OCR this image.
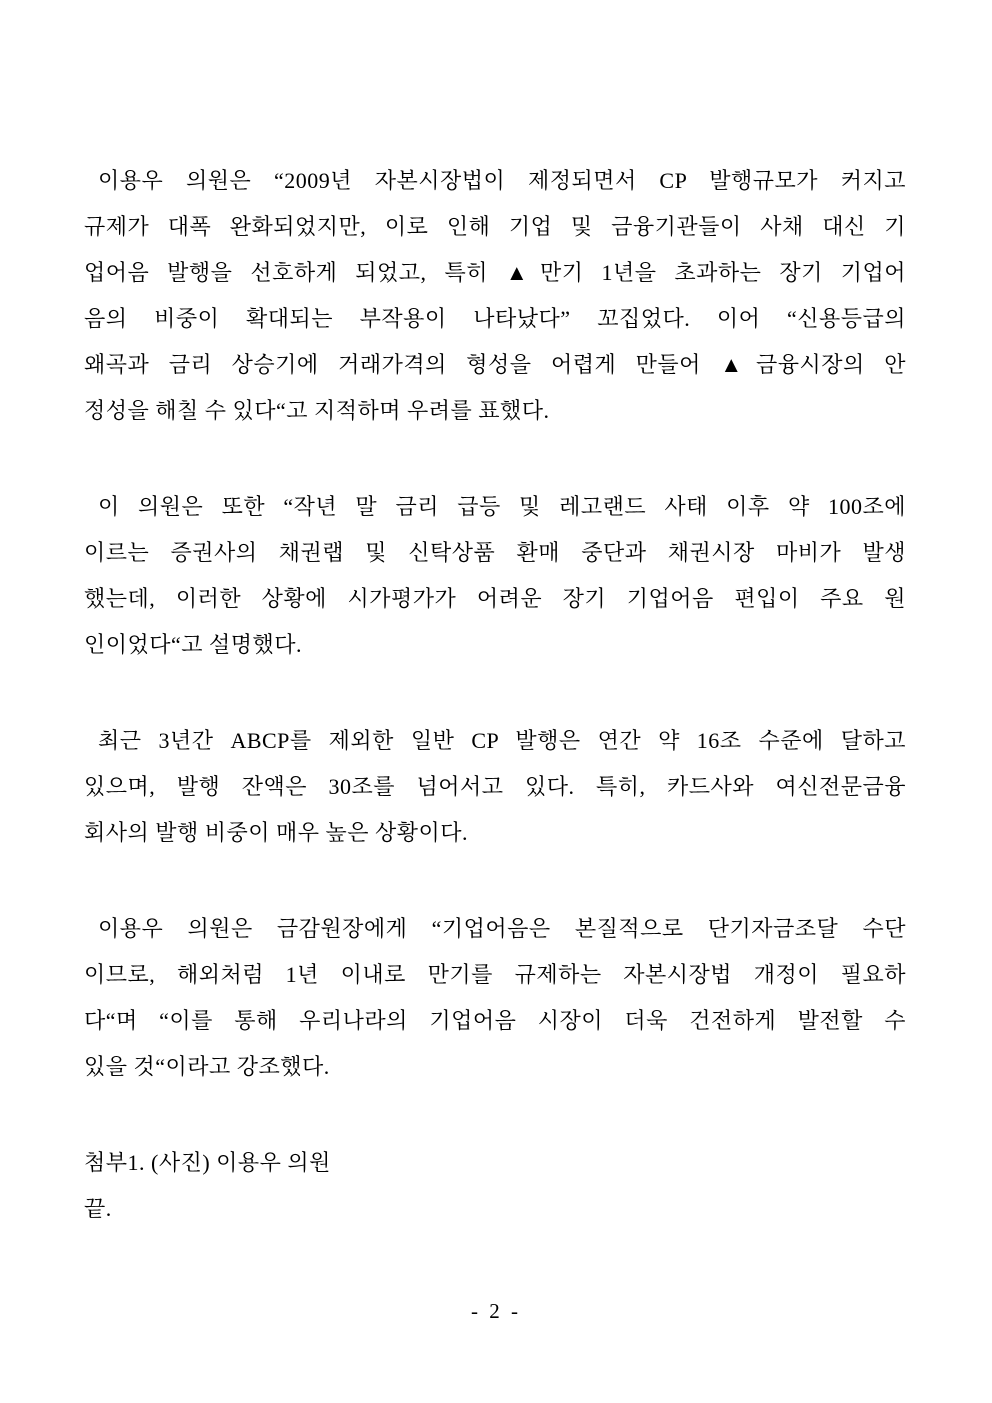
이용우 의원은 “2009년 자본시장법이 제정되면서 CP 발행규모가 커지고
규제가 대폭 완화되었지만, 이로 인해 기업 및 금융기관들이 사채 대신 기
업어음 발행을 선호하게 되었고, 특히 ▲만기 1년을 초과하는 장기 기업어
음의 비중이 확대되는 부작용이 나타났다” 꼬집었다. 이어 “신용등급의
왜곡과 금리 상승기에 거래가격의 형성을 어렵게 만들어 ▲금융시장의 안
정성을 해칠 수 있다“고 지적하며 우려를 표했다.
이 의원은 또한 “작년 말 금리 급등 및 레고랜드 사태 이후 약 100조에
이르는 증권사의 채권랩 및 신탁상품 환매 중단과 채권시장 마비가 발생
했는데, 이러한 상황에 시가평가가 어려운 장기 기업어음 편입이 주요 원
인이었다“고 설명했다.
최근 3년간 ABCP를 제외한 일반 CP 발행은 연간 약 16조 수준에 달하고
있으며, 발행 잔액은 30조를 넘어서고 있다. 특히, 카드사와 여신전문금융
회사의 발행 비중이 매우 높은 상황이다.
이용우 의원은 금감원장에게 “기업어음은 본질적으로 단기자금조달 수단
이므로, 해외처럼 1년 이내로 만기를 규제하는 자본시장법 개정이 필요하
다“며 “이를 통해 우리나라의 기업어음 시장이 더욱 건전하게 발전할 수
있을 것“이라고 강조했다.
첨부1. (사진) 이용우 의원
끝.
- 2 -
